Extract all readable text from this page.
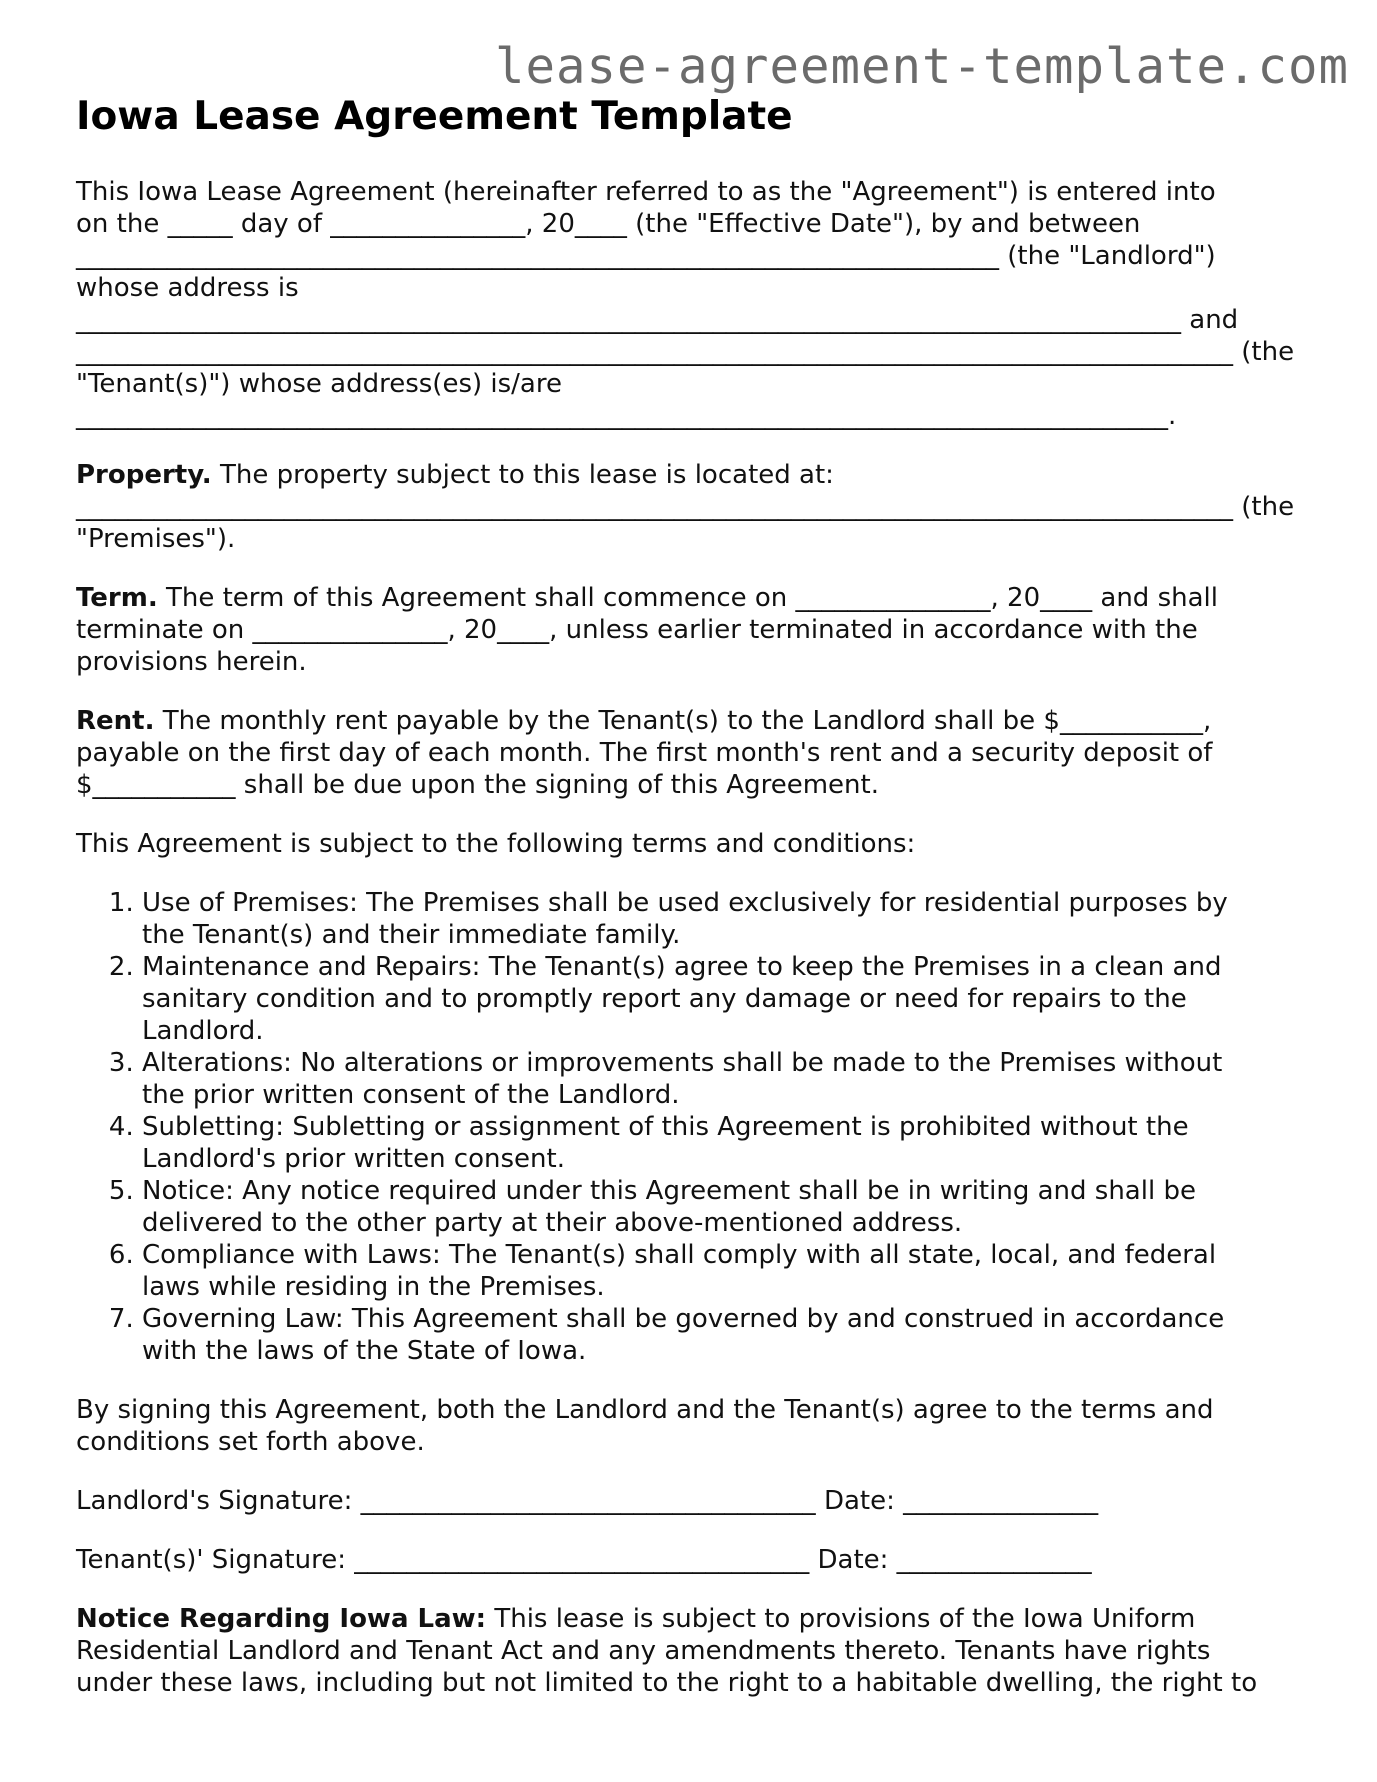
lease-agreement-template.com
Iowa Lease Agreement Template

This Iowa Lease Agreement (hereinafter referred to as the "Agreement") is entered into
on the _____ day of _______________, 20____ (the "Effective Date"), by and between
_______________________________________________________________________ (the "Landlord")
whose address is
_____________________________________________________________________________________ and
_________________________________________________________________________________________ (the
"Tenant(s)") whose address(es) is/are
____________________________________________________________________________________.

Property. The property subject to this lease is located at:
_________________________________________________________________________________________ (the
"Premises").

Term. The term of this Agreement shall commence on _______________, 20____ and shall
terminate on _______________, 20____, unless earlier terminated in accordance with the
provisions herein.

Rent. The monthly rent payable by the Tenant(s) to the Landlord shall be $___________,
payable on the first day of each month. The first month's rent and a security deposit of
$___________ shall be due upon the signing of this Agreement.

This Agreement is subject to the following terms and conditions:

1. Use of Premises: The Premises shall be used exclusively for residential purposes by
the Tenant(s) and their immediate family.
2. Maintenance and Repairs: The Tenant(s) agree to keep the Premises in a clean and
sanitary condition and to promptly report any damage or need for repairs to the
Landlord.
3. Alterations: No alterations or improvements shall be made to the Premises without
the prior written consent of the Landlord.
4. Subletting: Subletting or assignment of this Agreement is prohibited without the
Landlord's prior written consent.
5. Notice: Any notice required under this Agreement shall be in writing and shall be
delivered to the other party at their above-mentioned address.
6. Compliance with Laws: The Tenant(s) shall comply with all state, local, and federal
laws while residing in the Premises.
7. Governing Law: This Agreement shall be governed by and construed in accordance
with the laws of the State of Iowa.

By signing this Agreement, both the Landlord and the Tenant(s) agree to the terms and
conditions set forth above.

Landlord's Signature: ___________________________________ Date: _______________

Tenant(s)' Signature: ___________________________________ Date: _______________

Notice Regarding Iowa Law: This lease is subject to provisions of the Iowa Uniform
Residential Landlord and Tenant Act and any amendments thereto. Tenants have rights
under these laws, including but not limited to the right to a habitable dwelling, the right to
